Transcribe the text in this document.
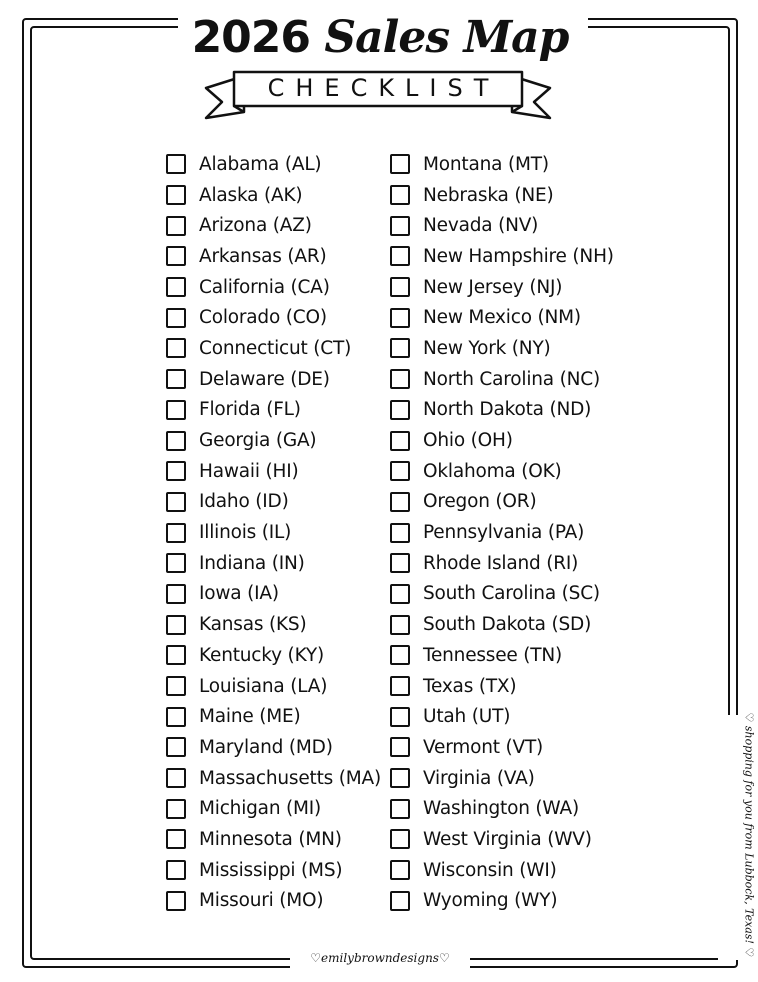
2026 Sales Map
CHECKLIST
Alabama (AL)
Alaska (AK)
Arizona (AZ)
Arkansas (AR)
California (CA)
Colorado (CO)
Connecticut (CT)
Delaware (DE)
Florida (FL)
Georgia (GA)
Hawaii (HI)
Idaho (ID)
Illinois (IL)
Indiana (IN)
Iowa (IA)
Kansas (KS)
Kentucky (KY)
Louisiana (LA)
Maine (ME)
Maryland (MD)
Massachusetts (MA)
Michigan (MI)
Minnesota (MN)
Mississippi (MS)
Missouri (MO)
Montana (MT)
Nebraska (NE)
Nevada (NV)
New Hampshire (NH)
New Jersey (NJ)
New Mexico (NM)
New York (NY)
North Carolina (NC)
North Dakota (ND)
Ohio (OH)
Oklahoma (OK)
Oregon (OR)
Pennsylvania (PA)
Rhode Island (RI)
South Carolina (SC)
South Dakota (SD)
Tennessee (TN)
Texas (TX)
Utah (UT)
Vermont (VT)
Virginia (VA)
Washington (WA)
West Virginia (WV)
Wisconsin (WI)
Wyoming (WY)	♡ shopping for you from Lubbock, Texas! ♡
♡emilybrowndesigns♡
